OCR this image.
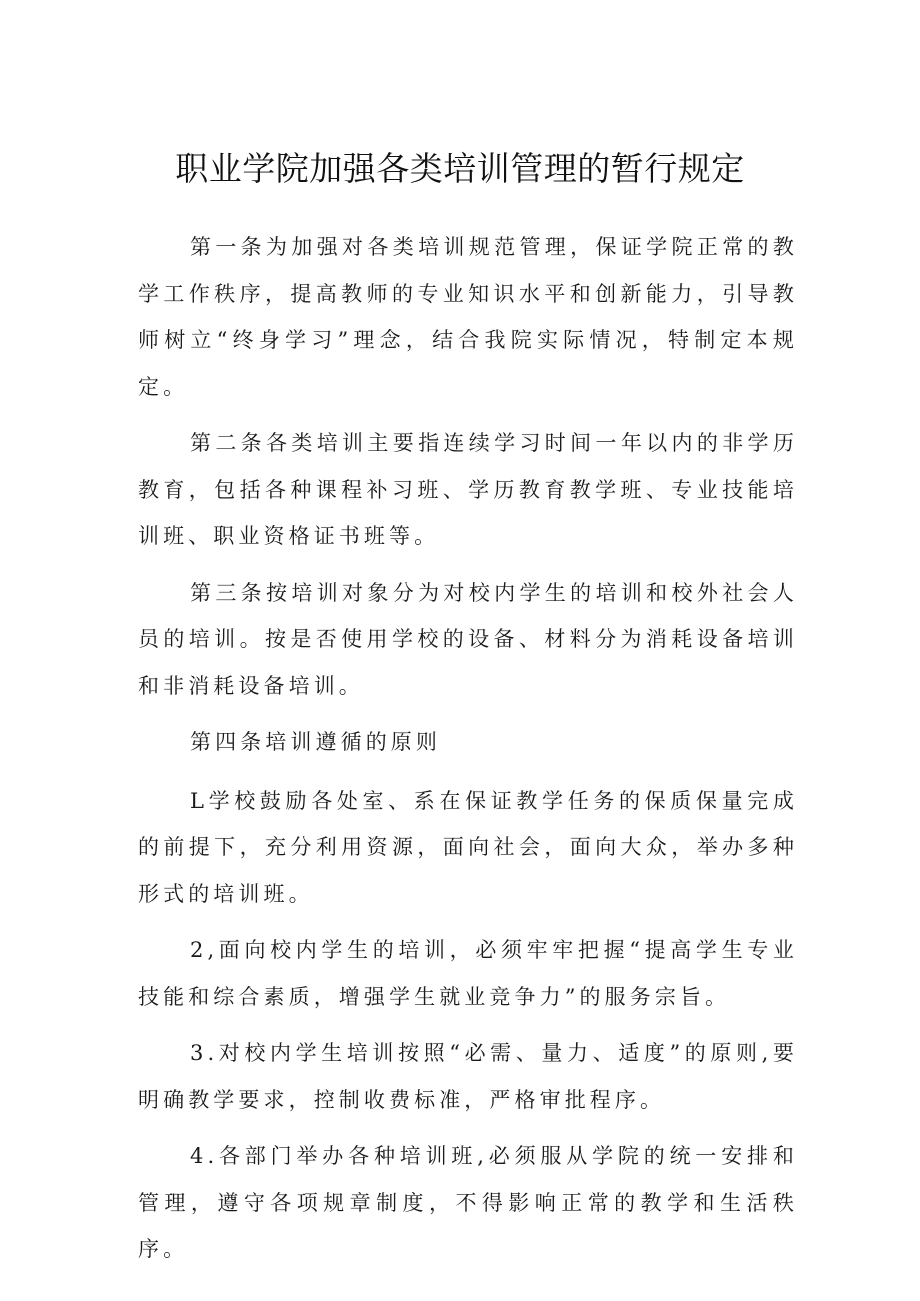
职业学院加强各类培训管理的暂行规定

第一条为加强对各类培训规范管理，保证学院正常的教学工作秩序，提高教师的专业知识水平和创新能力，引导教师树立“终身学习”理念，结合我院实际情况，特制定本规定。

第二条各类培训主要指连续学习时间一年以内的非学历教育，包括各种课程补习班、学历教育教学班、专业技能培训班、职业资格证书班等。

第三条按培训对象分为对校内学生的培训和校外社会人员的培训。按是否使用学校的设备、材料分为消耗设备培训和非消耗设备培训。

第四条培训遵循的原则

L学校鼓励各处室、系在保证教学任务的保质保量完成的前提下，充分利用资源，面向社会，面向大众，举办多种形式的培训班。

2,面向校内学生的培训，必须牢牢把握“提高学生专业技能和综合素质，增强学生就业竞争力”的服务宗旨。

3.对校内学生培训按照“必需、量力、适度”的原则,要明确教学要求，控制收费标准，严格审批程序。

4.各部门举办各种培训班,必须服从学院的统一安排和管理，遵守各项规章制度，不得影响正常的教学和生活秩序。
